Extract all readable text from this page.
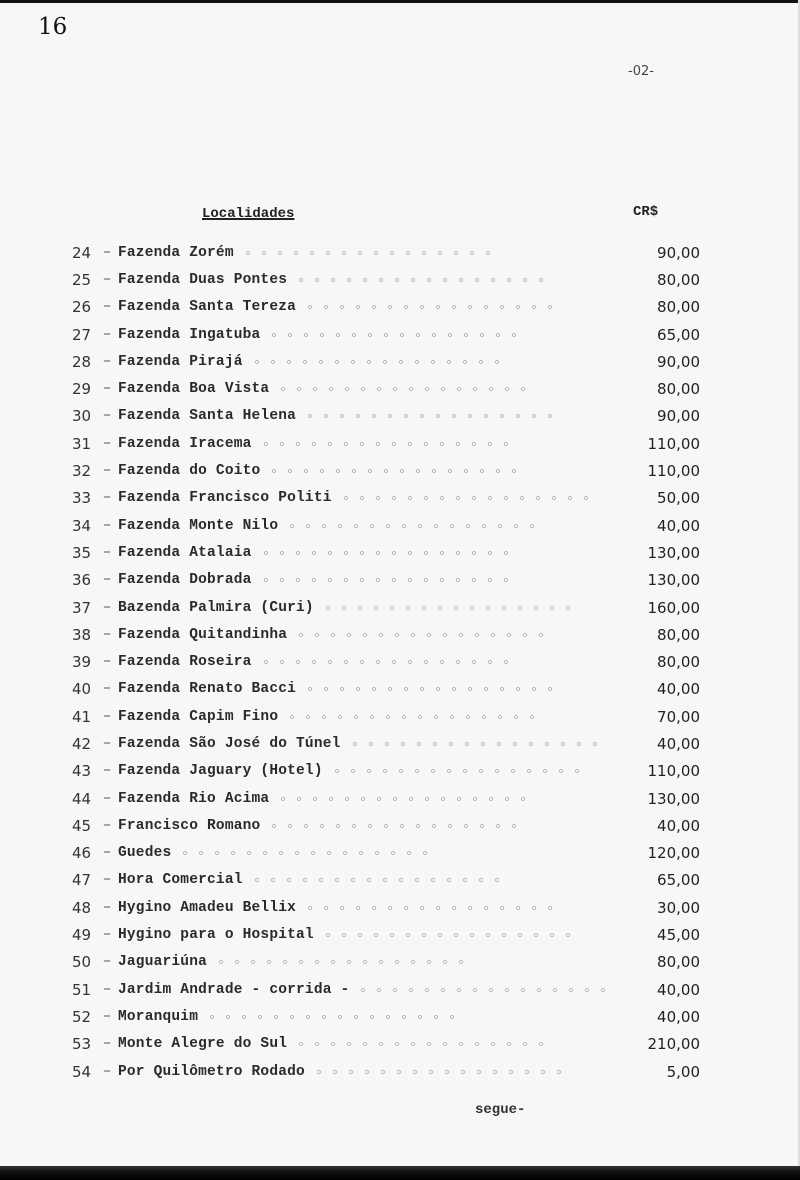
16
-02-
Localidades	CR$
24 – Fazenda Zorém	90,00
25 – Fazenda Duas Pontes	80,00
26 – Fazenda Santa Tereza	80,00
27 – Fazenda Ingatuba	65,00
28 – Fazenda Pirajá	90,00
29 – Fazenda Boa Vista	80,00
30 – Fazenda Santa Helena	90,00
31 – Fazenda Iracema	110,00
32 – Fazenda do Coito	110,00
33 – Fazenda Francisco Politi	50,00
34 – Fazenda Monte Nilo	40,00
35 – Fazenda Atalaia	130,00
36 – Fazenda Dobrada	130,00
37 – Bazenda Palmira (Curi)	160,00
38 – Fazenda Quitandinha	80,00
39 – Fazenda Roseira	80,00
40 – Fazenda Renato Bacci	40,00
41 – Fazenda Capim Fino	70,00
42 – Fazenda São José do Túnel	40,00
43 – Fazenda Jaguary (Hotel)	110,00
44 – Fazenda Rio Acima	130,00
45 – Francisco Romano	40,00
46 – Guedes	120,00
47 – Hora Comercial	65,00
48 – Hygino Amadeu Bellix	30,00
49 – Hygino para o Hospital	45,00
50 – Jaguariúna	80,00
51 – Jardim Andrade - corrida -	40,00
52 – Moranquim	40,00
53 – Monte Alegre do Sul	210,00
54 – Por Quilômetro Rodado	5,00
segue-
